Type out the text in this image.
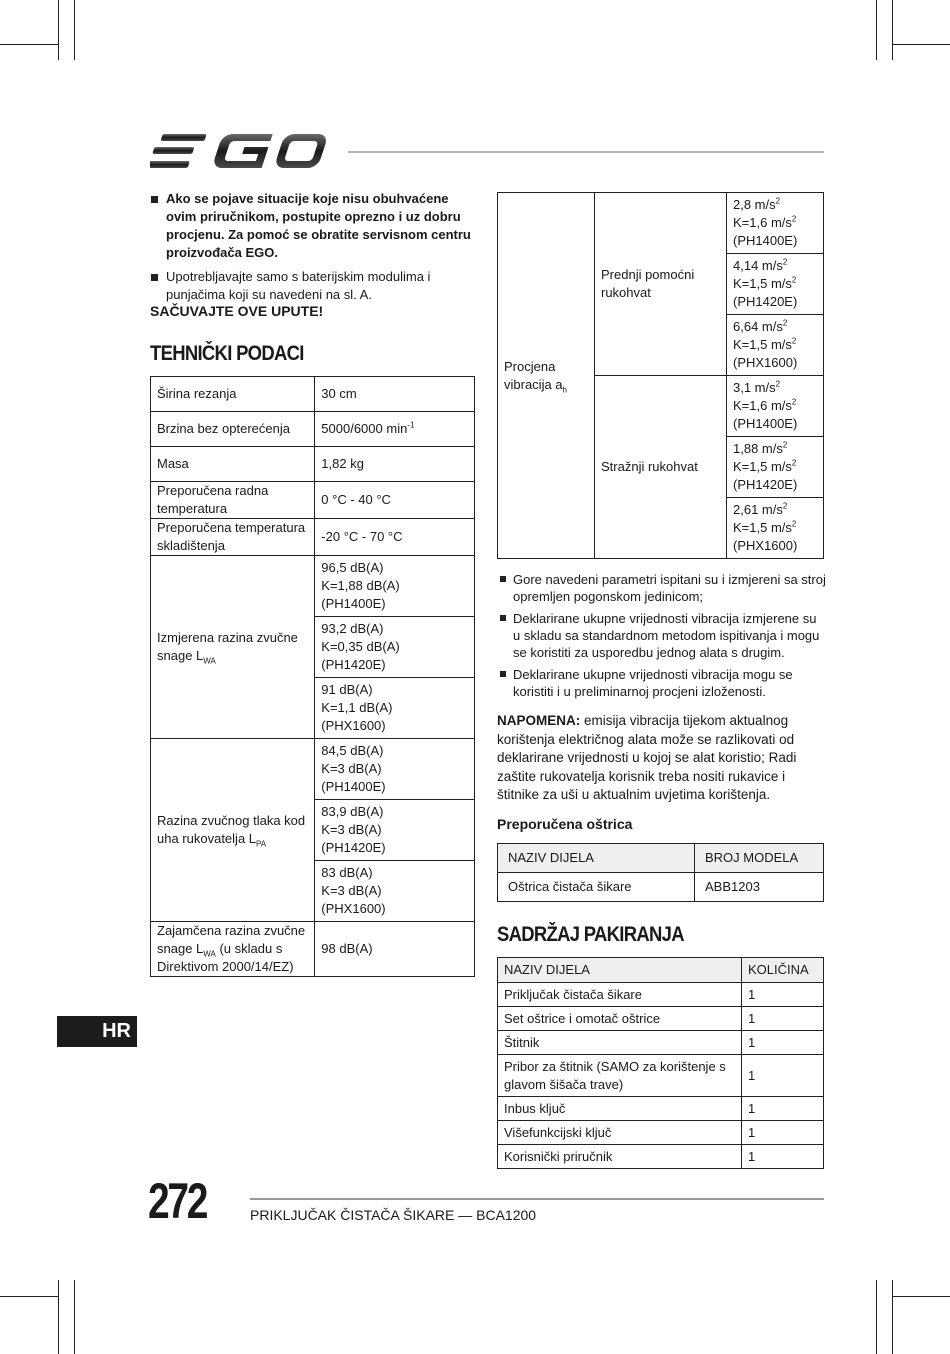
Ako se pojave situacije koje nisu obuhvaćene ovim priručnikom, postupite oprezno i uz dobru procjenu. Za pomoć se obratite servisnom centru proizvođača EGO.
Upotrebljavajte samo s baterijskim modulima i punjačima koji su navedeni na sl. A.
SAČUVAJTE OVE UPUTE!
TEHNIČKI PODACI
Širina rezanja	30 cm
Brzina bez opterećenja	5000/6000 $\min^{-1}$
Masa	1,82 kg
Preporučena radna temperatura	0 °C - 40 °C
Preporučena temperatura skladištenja	-20 °C - 70 °C
Izmjerena razina zvučne snage $L_{WA}$	96,5 dB(A)
K=1,88 dB(A)
(PH1400E)

	93,2 dB(A)
K=0,35 dB(A)
(PH1420E)

	91 dB(A)
K=1,1 dB(A)
(PHX1600)

Razina zvučnog tlaka kod uha rukovatelja $L_{PA}$	84,5 dB(A)
K=3 dB(A)
(PH1400E)

	83,9 dB(A)
K=3 dB(A)
(PH1420E)

	83 dB(A)
K=3 dB(A)
(PHX1600)

Zajamčena razina zvučne snage $L_{WA}$ (u skladu s Direktivom 2000/14/EZ)	98 dB(A)
Procjena vibracija $a_h$	Prednji pomoćni rukohvat	2,8 $m/s^2$
K=1,6 $m/s^2$
(PH1400E)

		4,14 $m/s^2$
K=1,5 $m/s^2$
(PH1420E)

		6,64 $m/s^2$
K=1,5 $m/s^2$
(PHX1600)

	Stražnji rukohvat	3,1 $m/s^2$
K=1,6 $m/s^2$
(PH1400E)

		1,88 $m/s^2$
K=1,5 $m/s^2$
(PH1420E)

		2,61 $m/s^2$
K=1,5 $m/s^2$
(PHX1600)
Gore navedeni parametri ispitani su i izmjereni sa stroj opremljen pogonskom jedinicom;
Deklarirane ukupne vrijednosti vibracija izmjerene su u skladu sa standardnom metodom ispitivanja i mogu se koristiti za usporedbu jednog alata s drugim.
Deklarirane ukupne vrijednosti vibracija mogu se koristiti i u preliminarnoj procjeni izloženosti.
NAPOMENA: emisija vibracija tijekom aktualnog korištenja električnog alata može se razlikovati od deklarirane vrijednosti u kojoj se alat koristio; Radi zaštite rukovatelja korisnik treba nositi rukavice i štitnike za uši u aktualnim uvjetima korištenja.
Preporučena oštrica
NAZIV DIJELA	BROJ MODELA
Oštrica čistača šikare	ABB1203
SADRŽAJ PAKIRANJA
NAZIV DIJELA	KOLIČINA
Priključak čistača šikare	1
Set oštrice i omotač oštrice	1
Štitnik	1
Pribor za štitnik (SAMO za korištenje s glavom šišača trave)	1
Inbus ključ	1
Višefunkcijski ključ	1
Korisnički priručnik	1
HR
272	PRIKLJUČAK ČISTAČA ŠIKARE — BCA1200
